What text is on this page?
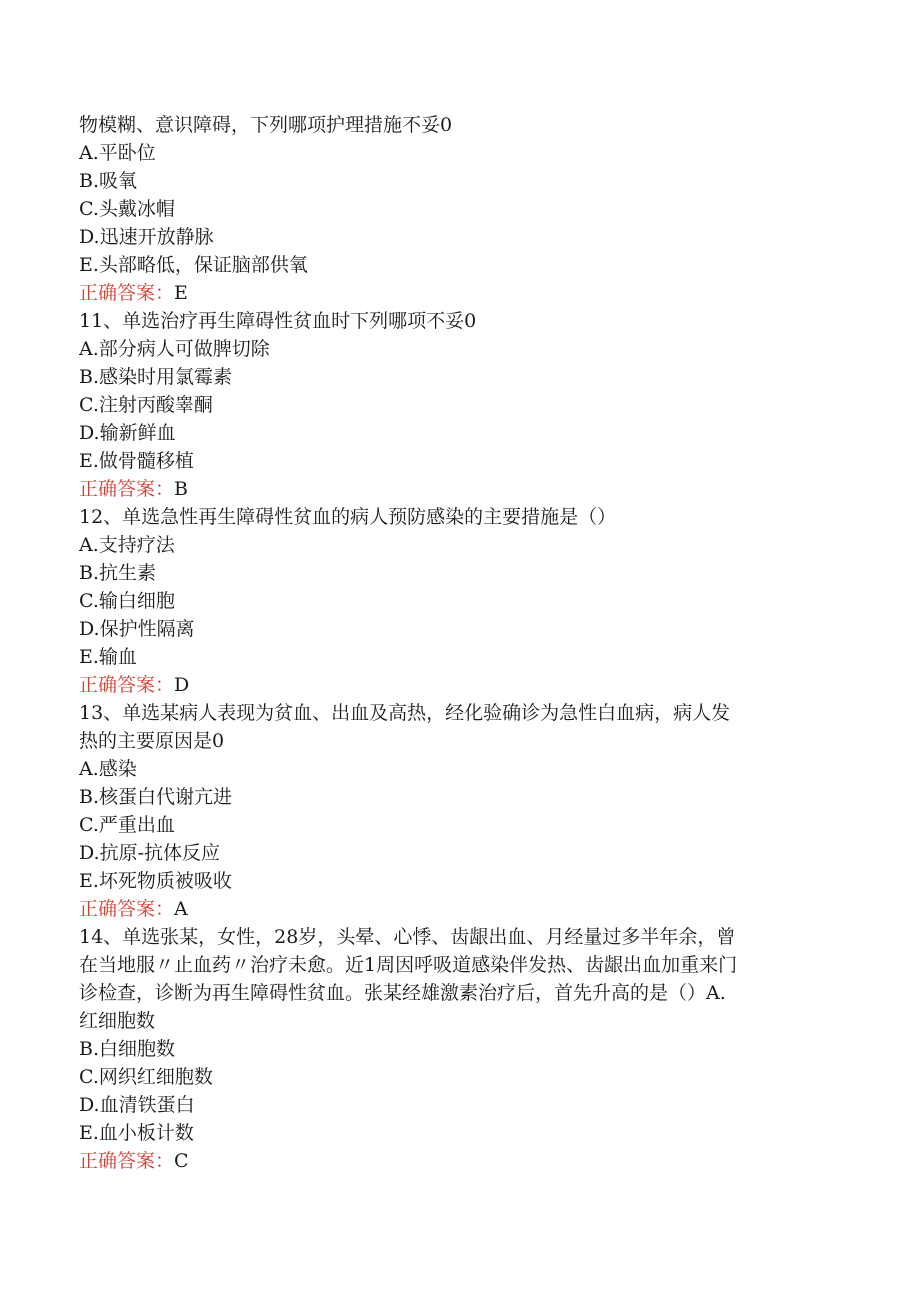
物模糊、意识障碍，下列哪项护理措施不妥0
A.平卧位
B.吸氧
C.头戴冰帽
D.迅速开放静脉
E.头部略低，保证脑部供氧
正确答案：E
11、单选治疗再生障碍性贫血时下列哪项不妥0
A.部分病人可做脾切除
B.感染时用氯霉素
C.注射丙酸睾酮
D.输新鲜血
E.做骨髓移植
正确答案：B
12、单选急性再生障碍性贫血的病人预防感染的主要措施是（）
A.支持疗法
B.抗生素
C.输白细胞
D.保护性隔离
E.输血
正确答案：D
13、单选某病人表现为贫血、出血及高热，经化验确诊为急性白血病，病人发
热的主要原因是0
A.感染
B.核蛋白代谢亢进
C.严重出血
D.抗原-抗体反应
E.坏死物质被吸收
正确答案：A
14、单选张某，女性，28岁，头晕、心悸、齿龈出血、月经量过多半年余，曾
在当地服〃止血药〃治疗未愈。近1周因呼吸道感染伴发热、齿龈出血加重来门
诊检查，诊断为再生障碍性贫血。张某经雄激素治疗后，首先升高的是（）A.
红细胞数
B.白细胞数
C.网织红细胞数
D.血清铁蛋白
E.血小板计数
正确答案：C
